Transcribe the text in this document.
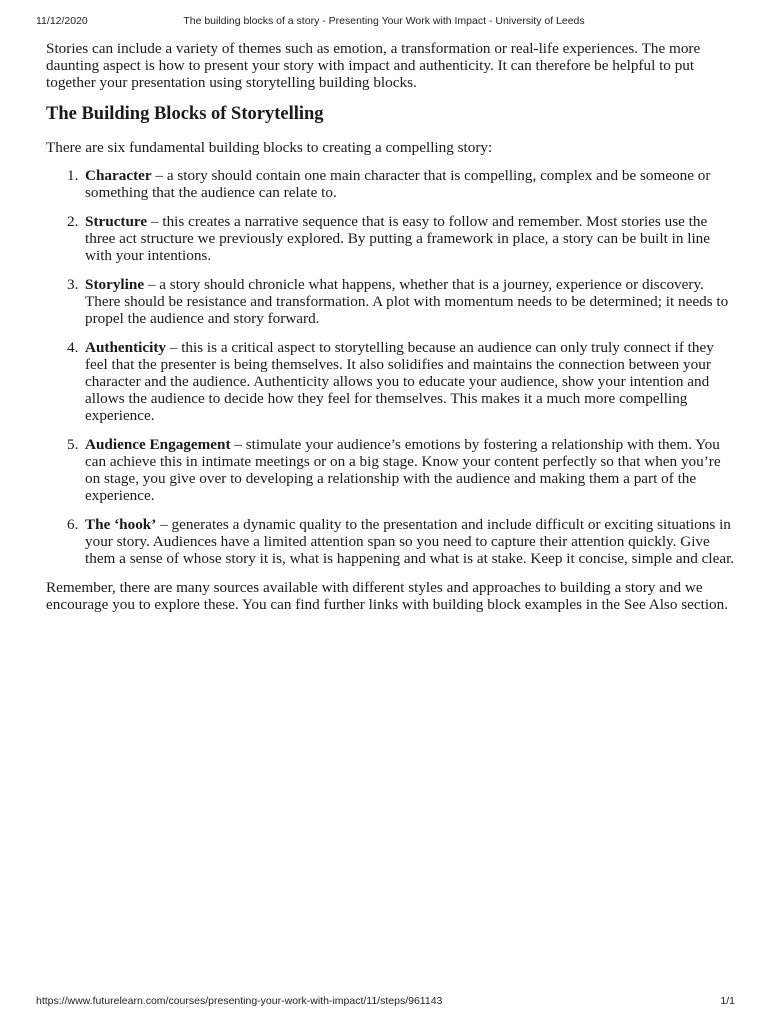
11/12/2020	The building blocks of a story - Presenting Your Work with Impact - University of Leeds

Stories can include a variety of themes such as emotion, a transformation or real-life experiences. The more daunting aspect is how to present your story with impact and authenticity. It can therefore be helpful to put together your presentation using storytelling building blocks.

The Building Blocks of Storytelling

There are six fundamental building blocks to creating a compelling story:

1. Character – a story should contain one main character that is compelling, complex and be someone or something that the audience can relate to.
2. Structure – this creates a narrative sequence that is easy to follow and remember. Most stories use the three act structure we previously explored. By putting a framework in place, a story can be built in line with your intentions.
3. Storyline – a story should chronicle what happens, whether that is a journey, experience or discovery. There should be resistance and transformation. A plot with momentum needs to be determined; it needs to propel the audience and story forward.
4. Authenticity – this is a critical aspect to storytelling because an audience can only truly connect if they feel that the presenter is being themselves. It also solidifies and maintains the connection between your character and the audience. Authenticity allows you to educate your audience, show your intention and allows the audience to decide how they feel for themselves. This makes it a much more compelling experience.
5. Audience Engagement – stimulate your audience’s emotions by fostering a relationship with them. You can achieve this in intimate meetings or on a big stage. Know your content perfectly so that when you’re on stage, you give over to developing a relationship with the audience and making them a part of the experience.
6. The ‘hook’ – generates a dynamic quality to the presentation and include difficult or exciting situations in your story. Audiences have a limited attention span so you need to capture their attention quickly. Give them a sense of whose story it is, what is happening and what is at stake. Keep it concise, simple and clear.

Remember, there are many sources available with different styles and approaches to building a story and we encourage you to explore these. You can find further links with building block examples in the See Also section.

https://www.futurelearn.com/courses/presenting-your-work-with-impact/11/steps/961143	1/1
